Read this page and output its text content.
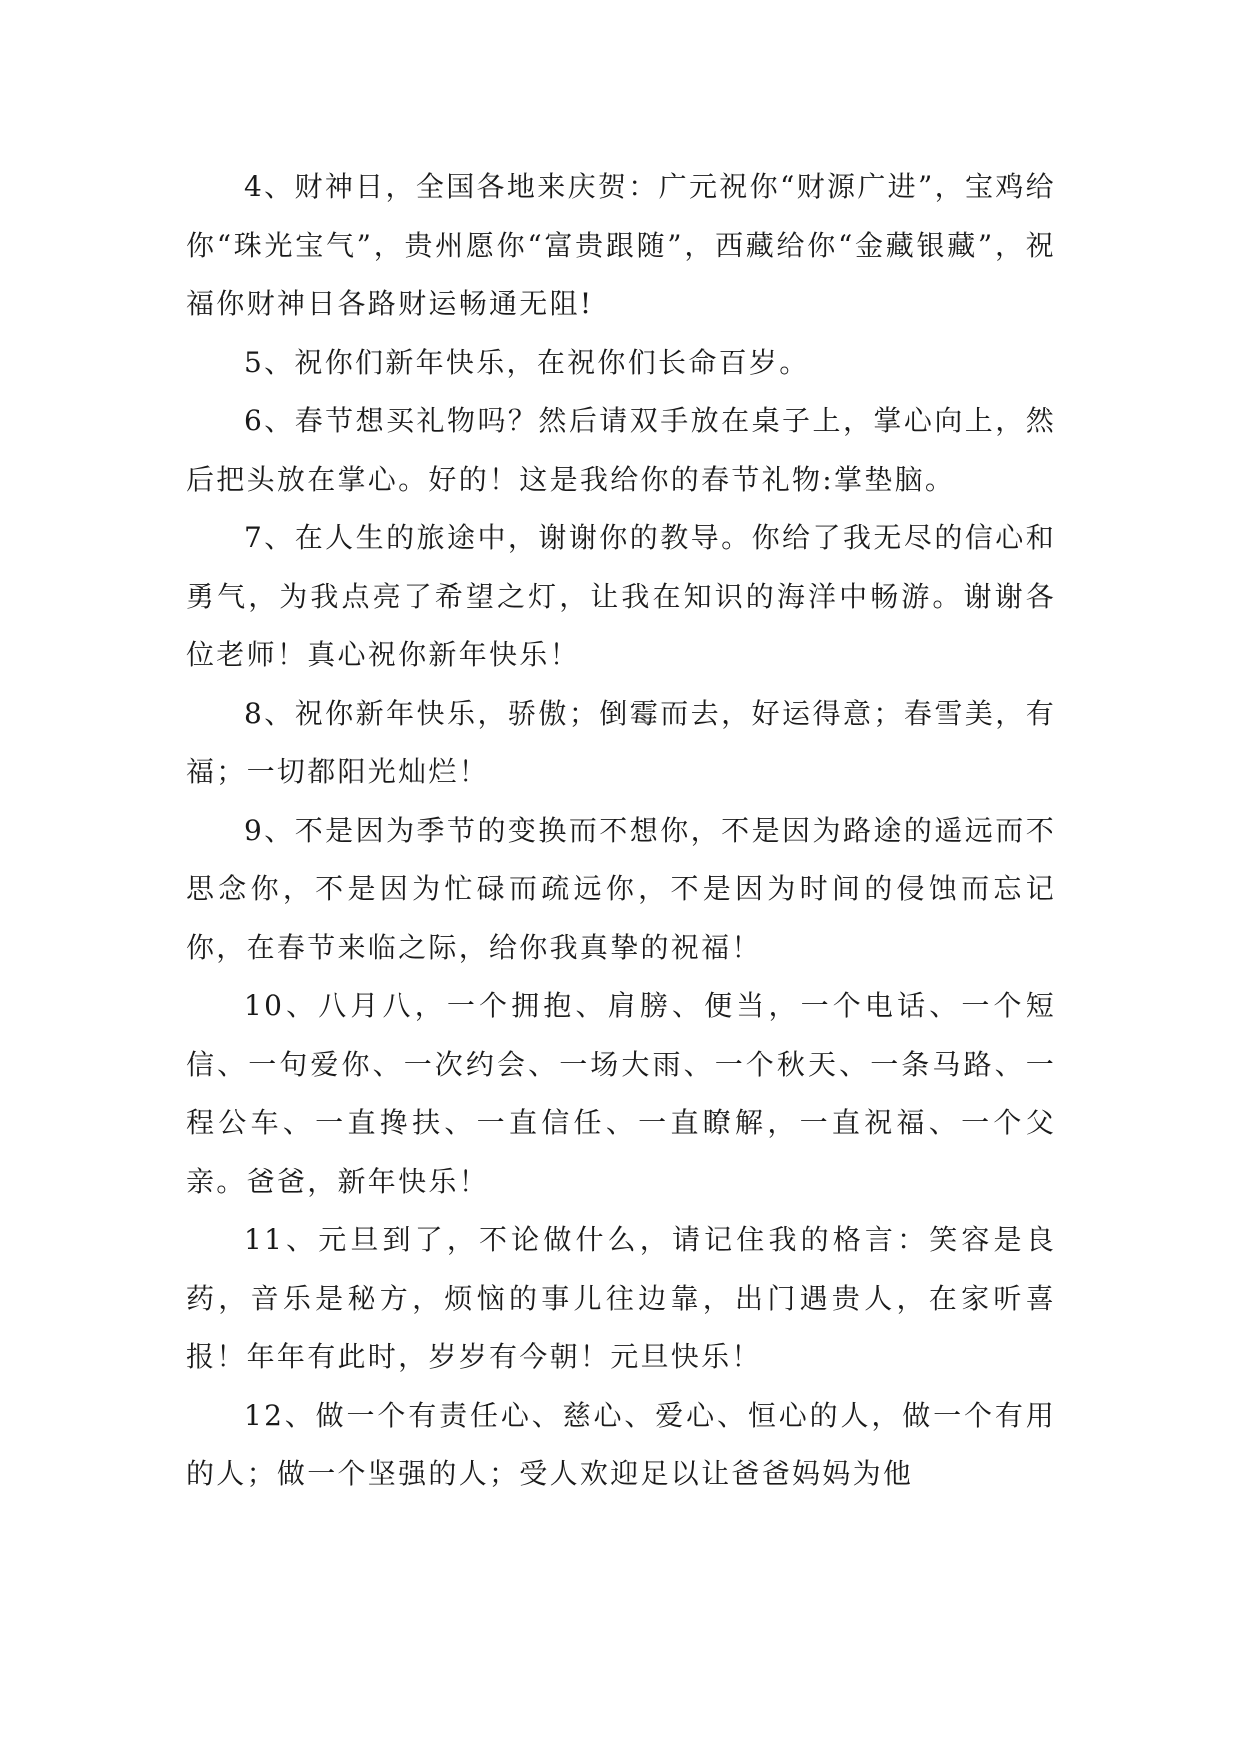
4、财神日，全国各地来庆贺：广元祝你“财源广进”，宝鸡给你“珠光宝气”，贵州愿你“富贵跟随”，西藏给你“金藏银藏”，祝福你财神日各路财运畅通无阻!

5、祝你们新年快乐，在祝你们长命百岁。

6、春节想买礼物吗？然后请双手放在桌子上，掌心向上，然后把头放在掌心。好的！这是我给你的春节礼物:掌垫脑。

7、在人生的旅途中，谢谢你的教导。你给了我无尽的信心和勇气，为我点亮了希望之灯，让我在知识的海洋中畅游。谢谢各位老师！真心祝你新年快乐！

8、祝你新年快乐，骄傲；倒霉而去，好运得意；春雪美，有福；一切都阳光灿烂！

9、不是因为季节的变换而不想你，不是因为路途的遥远而不思念你，不是因为忙碌而疏远你，不是因为时间的侵蚀而忘记你，在春节来临之际，给你我真挚的祝福！

10、八月八，一个拥抱、肩膀、便当，一个电话、一个短信、一句爱你、一次约会、一场大雨、一个秋天、一条马路、一程公车、一直搀扶、一直信任、一直瞭解，一直祝福、一个父亲。爸爸，新年快乐！

11、元旦到了，不论做什么，请记住我的格言：笑容是良药，音乐是秘方，烦恼的事儿往边靠，出门遇贵人，在家听喜报！年年有此时，岁岁有今朝！元旦快乐！

12、做一个有责任心、慈心、爱心、恒心的人，做一个有用的人；做一个坚强的人；受人欢迎足以让爸爸妈妈为他
